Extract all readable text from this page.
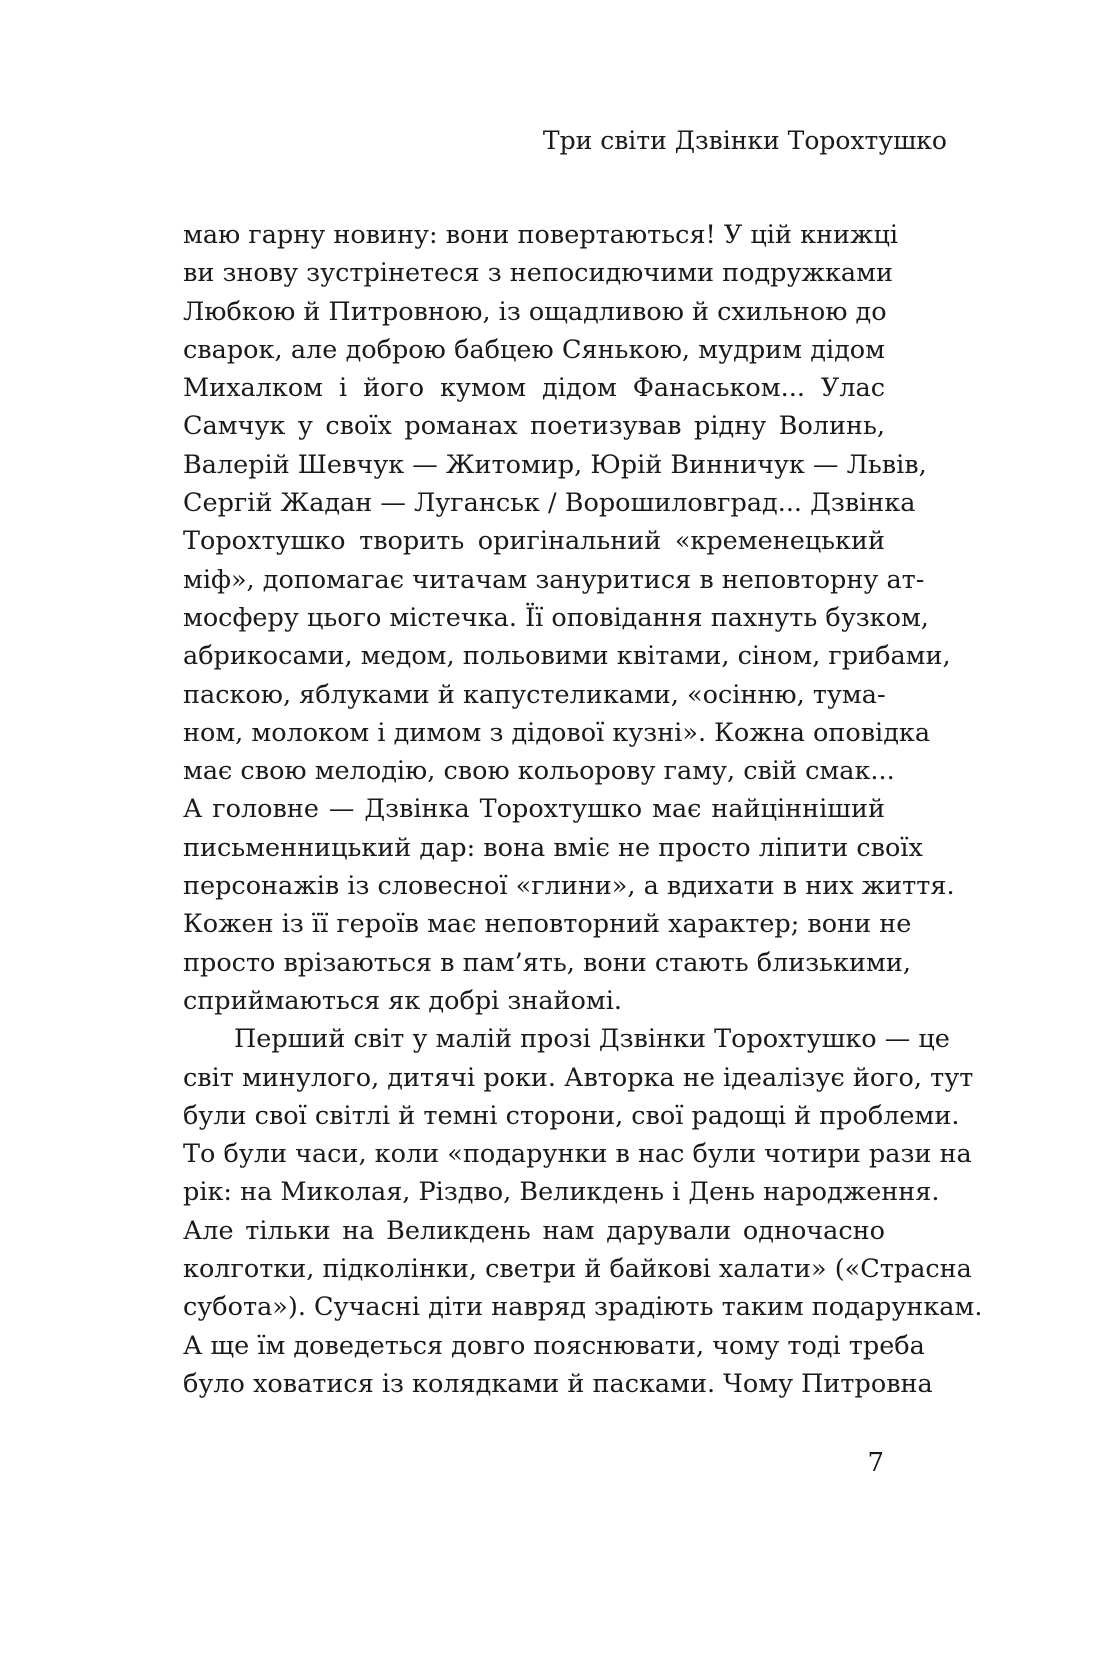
Три світи Дзвінки Торохтушко
маю гарну новину: вони повертаються! У цій книжці
ви знову зустрінетеся з непосидючими подружками
Любкою й Питровною, із ощадливою й схильною до
сварок, але доброю бабцею Сянькою, мудрим дідом
Михалком і його кумом дідом Фанаськом... Улас
Самчук у своїх романах поетизував рідну Волинь,
Валерій Шевчук — Житомир, Юрій Винничук — Львів,
Сергій Жадан — Луганськ / Ворошиловград... Дзвінка
Торохтушко творить оригінальний «кременецький
міф», допомагає читачам зануритися в неповторну ат-
мосферу цього містечка. Її оповідання пахнуть бузком,
абрикосами, медом, польовими квітами, сіном, грибами,
паскою, яблуками й капустеликами, «осінню, тума-
ном, молоком і димом з дідової кузні». Кожна оповідка
має свою мелодію, свою кольорову гаму, свій смак...
А головне — Дзвінка Торохтушко має найцінніший
письменницький дар: вона вміє не просто ліпити своїх
персонажів із словесної «глини», а вдихати в них життя.
Кожен із її героїв має неповторний характер; вони не
просто врізаються в пам’ять, вони стають близькими,
сприймаються як добрі знайомі.
Перший світ у малій прозі Дзвінки Торохтушко — це
світ минулого, дитячі роки. Авторка не ідеалізує його, тут
були свої світлі й темні сторони, свої радощі й проблеми.
То були часи, коли «подарунки в нас були чотири рази на
рік: на Миколая, Різдво, Великдень і День народження.
Але тільки на Великдень нам дарували одночасно
колготки, підколінки, светри й байкові халати» («Страсна
субота»). Сучасні діти навряд зрадіють таким подарункам.
А ще їм доведеться довго пояснювати, чому тоді треба
було ховатися із колядками й пасками. Чому Питровна
7
